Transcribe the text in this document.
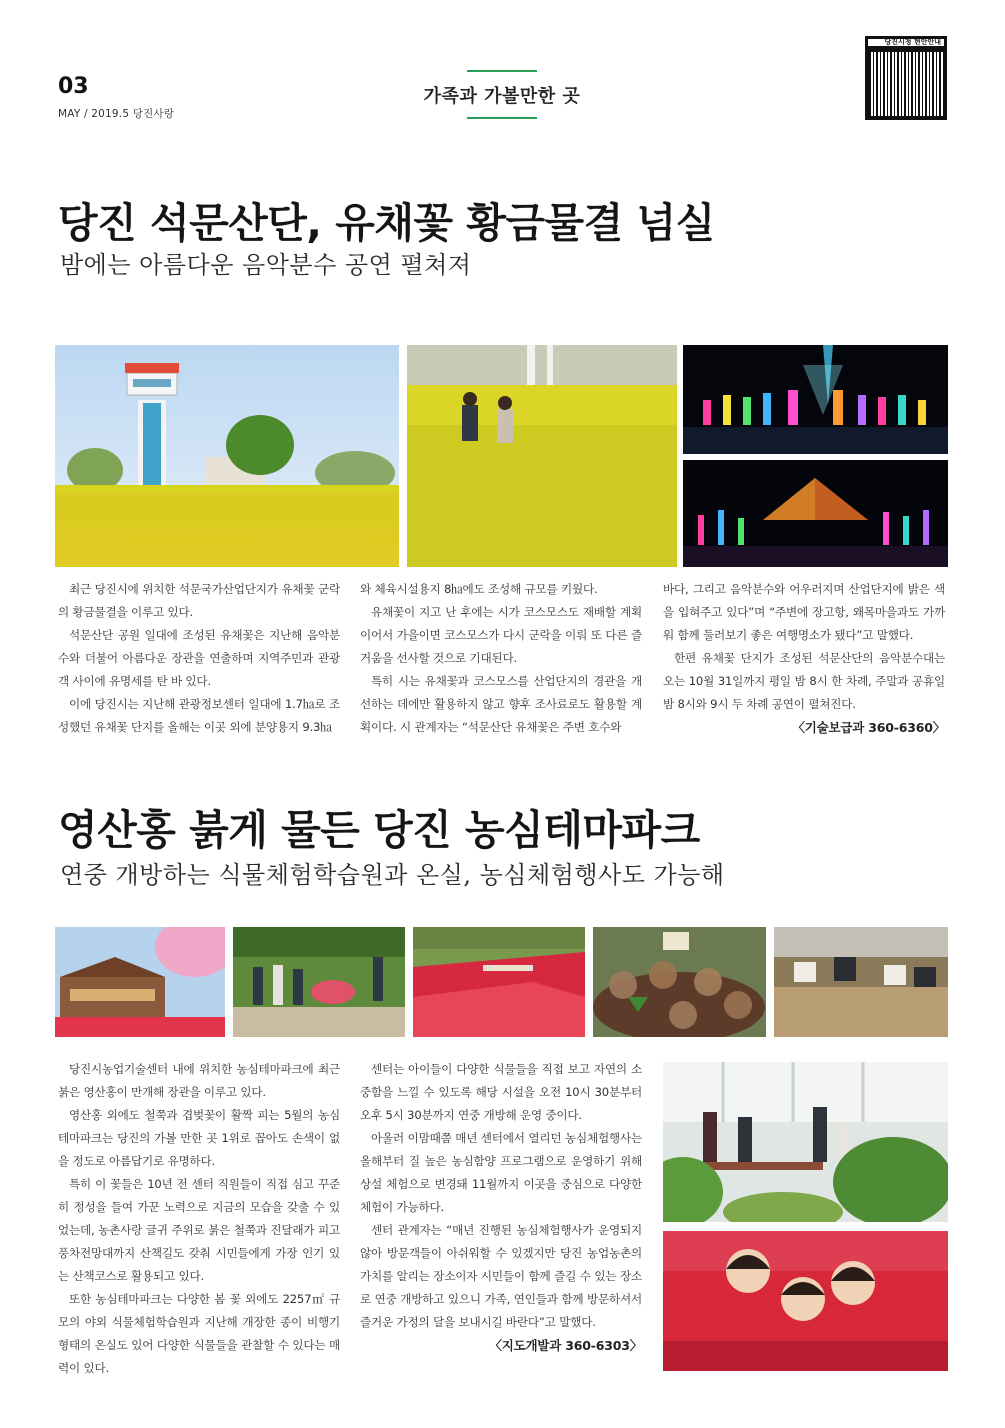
03
MAY / 2019.5 당진사랑
가족과 가볼만한 곳
당진시청 현안안내
당진 석문산단, 유채꽃 황금물결 넘실
밤에는 아름다운 음악분수 공연 펼쳐져

최근 당진시에 위치한 석문국가산업단지가 유채꽃 군락의 황금물결을 이루고 있다.

석문산단 공원 일대에 조성된 유채꽃은 지난해 음악분수와 더불어 아름다운 장관을 연출하며 지역주민과 관광객 사이에 유명세를 탄 바 있다.

이에 당진시는 지난해 관광정보센터 일대에 1.7㏊로 조성했던 유채꽃 단지를 올해는 이곳 외에 분양용지 9.3㏊

와 체육시설용지 8㏊에도 조성해 규모를 키웠다.

유채꽃이 지고 난 후에는 시가 코스모스도 재배할 계획이어서 가을이면 코스모스가 다시 군락을 이뤄 또 다른 즐거움을 선사할 것으로 기대된다.

특히 시는 유채꽃과 코스모스를 산업단지의 경관을 개선하는 데에만 활용하지 않고 향후 조사료로도 활용할 계획이다. 시 관계자는 “석문산단 유채꽃은 주변 호수와

바다, 그리고 음악분수와 어우러지며 산업단지에 밝은 색을 입혀주고 있다”며 “주변에 장고항, 왜목마을과도 가까워 함께 둘러보기 좋은 여행명소가 됐다”고 말했다.

한편 유채꽃 단지가 조성된 석문산단의 음악분수대는 오는 10월 31일까지 평일 밤 8시 한 차례, 주말과 공휴일 밤 8시와 9시 두 차례 공연이 펼쳐진다.

〈기술보급과 360-6360〉
영산홍 붉게 물든 당진 농심테마파크
연중 개방하는 식물체험학습원과 온실, 농심체험행사도 가능해

당진시농업기술센터 내에 위치한 농심테마파크에 최근 붉은 영산홍이 만개해 장관을 이루고 있다.

영산홍 외에도 철쭉과 겹벚꽃이 활짝 피는 5월의 농심테마파크는 당진의 가볼 만한 곳 1위로 꼽아도 손색이 없을 정도로 아름답기로 유명하다.

특히 이 꽃들은 10년 전 센터 직원들이 직접 심고 꾸준히 정성을 들여 가꾼 노력으로 지금의 모습을 갖출 수 있었는데, 농촌사랑 글귀 주위로 붉은 철쭉과 진달래가 피고 풍차전망대까지 산책길도 갖춰 시민들에게 가장 인기 있는 산책코스로 활용되고 있다.

또한 농심테마파크는 다양한 봄 꽃 외에도 2257㎡ 규모의 야외 식물체험학습원과 지난해 개장한 종이 비행기 형태의 온실도 있어 다양한 식물들을 관찰할 수 있다는 매력이 있다.

센터는 아이들이 다양한 식물들을 직접 보고 자연의 소중함을 느낄 수 있도록 해당 시설을 오전 10시 30분부터 오후 5시 30분까지 연중 개방해 운영 중이다.

아울러 이맘때쯤 매년 센터에서 열리던 농심체험행사는 올해부터 질 높은 농심함양 프로그램으로 운영하기 위해 상설 체험으로 변경돼 11월까지 이곳을 중심으로 다양한 체험이 가능하다.

센터 관계자는 “매년 진행된 농심체험행사가 운영되지 않아 방문객들이 아쉬워할 수 있겠지만 당진 농업농촌의 가치를 알리는 장소이자 시민들이 함께 즐길 수 있는 장소로 연중 개방하고 있으니 가족, 연인들과 함께 방문하셔서 즐거운 가정의 달을 보내시길 바란다”고 말했다.

〈지도개발과 360-6303〉
